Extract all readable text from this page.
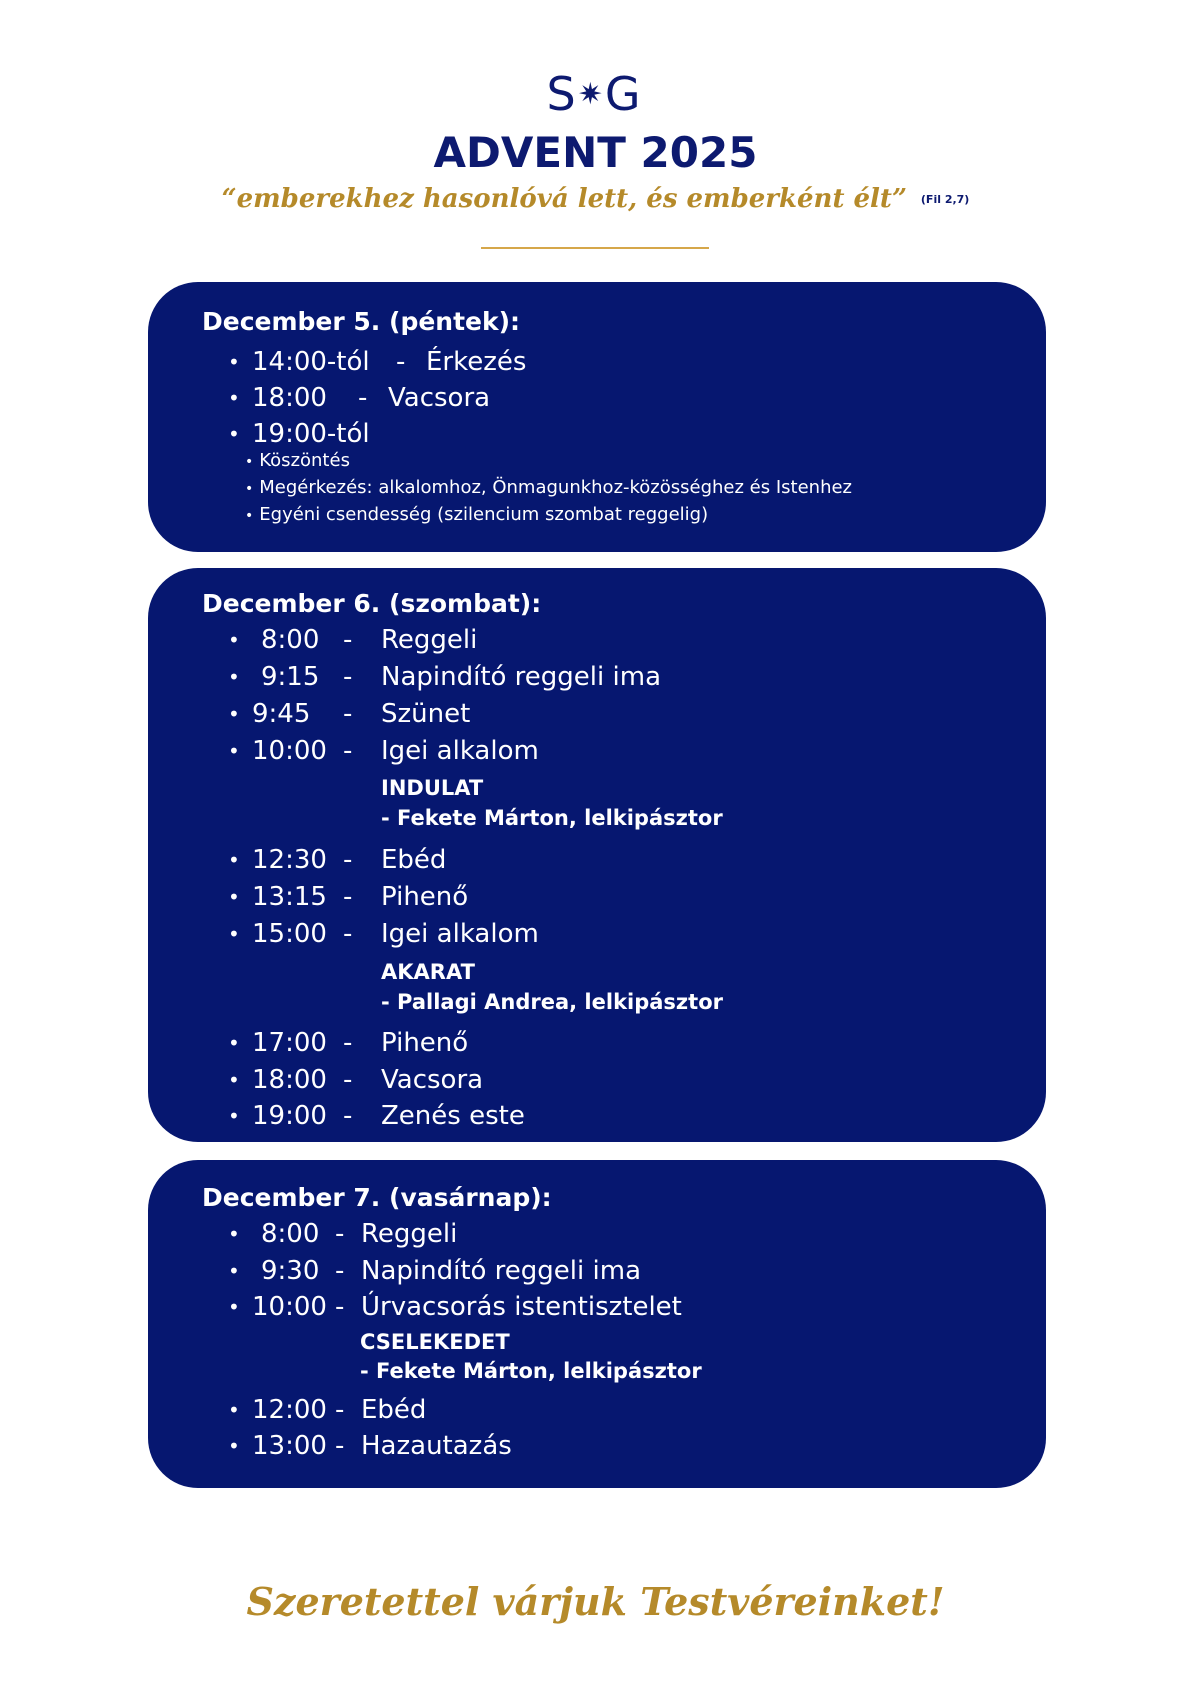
S✷G
ADVENT 2025
“emberekhez hasonlóvá lett, és emberként élt” (Fil 2,7)
December 5. (péntek):
• 14:00-tól - Érkezés
• 18:00 - Vacsora
• 19:00-tól
• Köszöntés
• Megérkezés: alkalomhoz, Önmagunkhoz-közösséghez és Istenhez
• Egyéni csendesség (szilencium szombat reggelig)
December 6. (szombat):
• 8:00 - Reggeli
• 9:15 - Napindító reggeli ima
• 9:45 - Szünet
• 10:00 - Igei alkalom
INDULAT
- Fekete Márton, lelkipásztor
• 12:30 - Ebéd
• 13:15 - Pihenő
• 15:00 - Igei alkalom
AKARAT
- Pallagi Andrea, lelkipásztor
• 17:00 - Pihenő
• 18:00 - Vacsora
• 19:00 - Zenés este
December 7. (vasárnap):
• 8:00 - Reggeli
• 9:30 - Napindító reggeli ima
• 10:00 - Úrvacsorás istentisztelet
CSELEKEDET
- Fekete Márton, lelkipásztor
• 12:00 - Ebéd
• 13:00 - Hazautazás
Szeretettel várjuk Testvéreinket!
